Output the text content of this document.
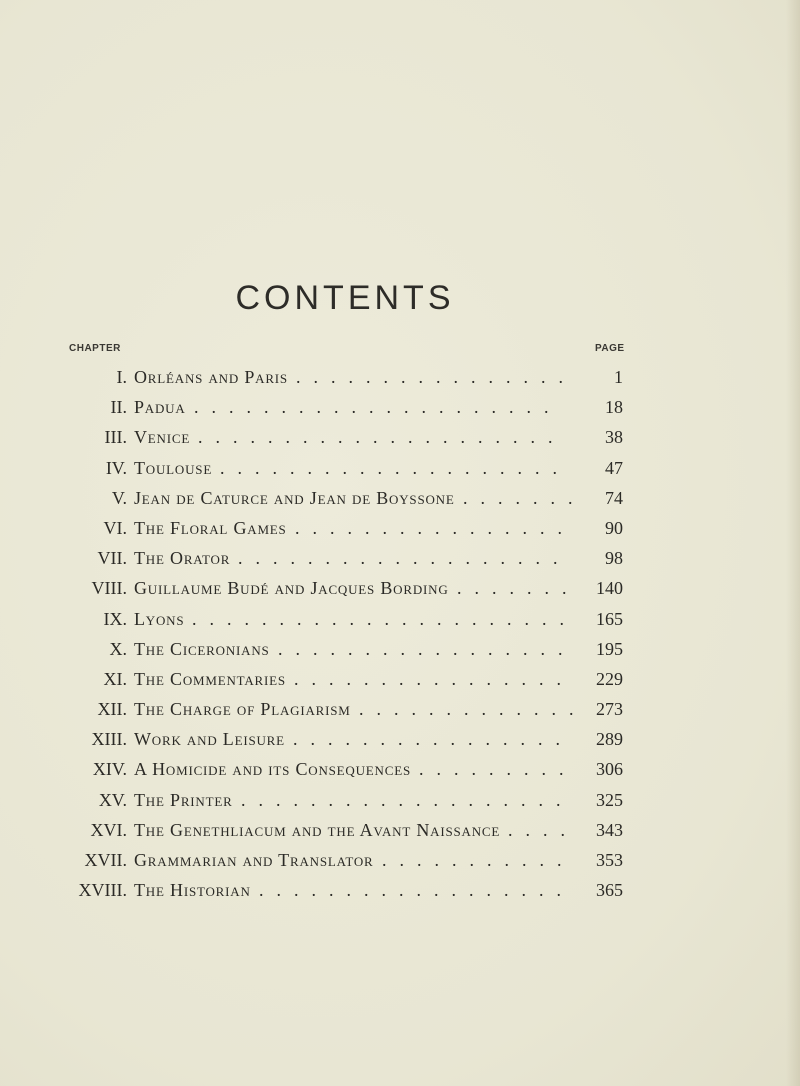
CONTENTS
CHAPTER	PAGE
I. Orléans and Paris ................ 1
II. Padua ..................... 18
III. Venice ..................... 38
IV. Toulouse .................... 47
V. Jean de Caturce and Jean de Boyssone ....... 74
VI. The Floral Games ................ 90
VII. The Orator ................... 98
VIII. Guillaume Budé and Jacques Bording ....... 140
IX. Lyons ...................... 165
X. The Ciceronians ................. 195
XI. The Commentaries ................ 229
XII. The Charge of Plagiarism ............. 273
XIII. Work and Leisure ................ 289
XIV. A Homicide and its Consequences ......... 306
XV. The Printer ................... 325
XVI. The Genethliacum and the Avant Naissance .... 343
XVII. Grammarian and Translator ........... 353
XVIII. The Historian .................. 365
